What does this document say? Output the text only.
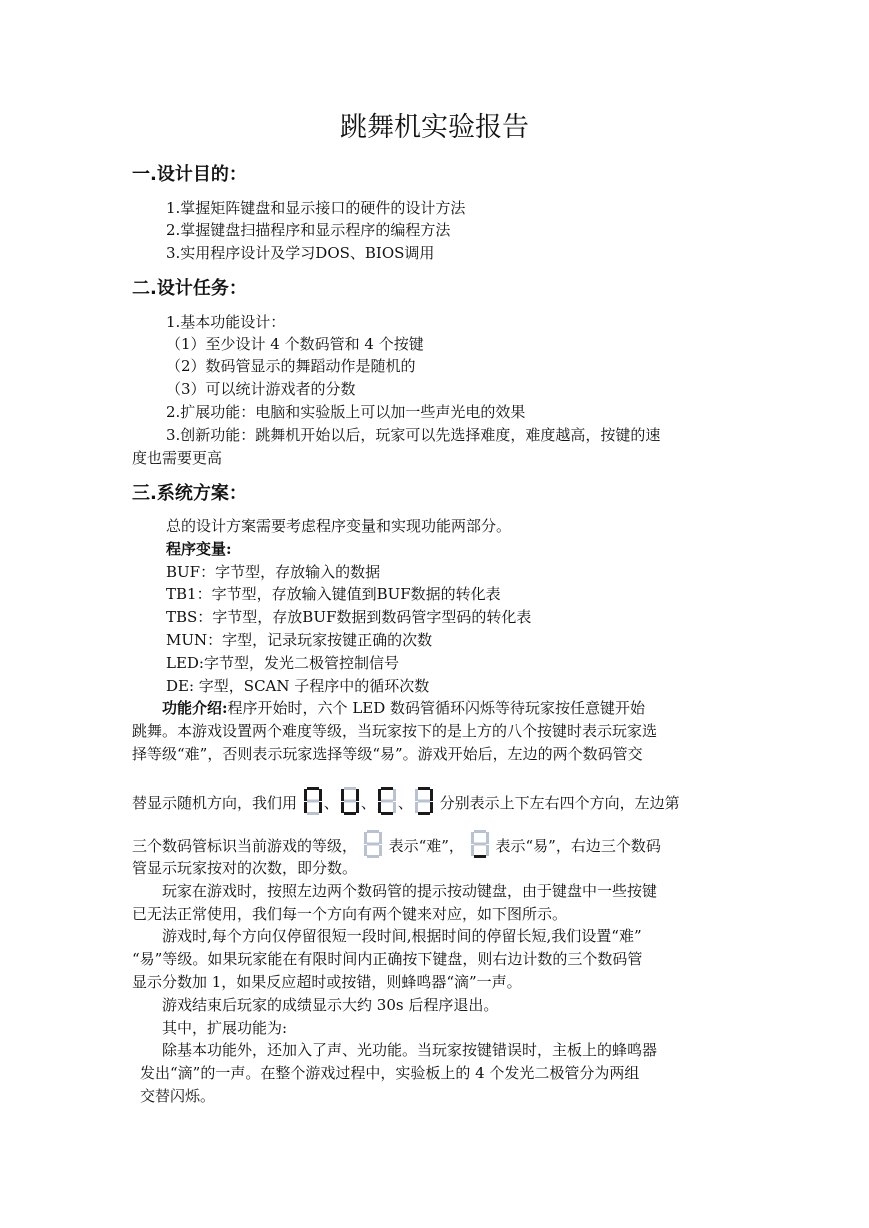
跳舞机实验报告
一.设计目的：
1.掌握矩阵键盘和显示接口的硬件的设计方法
2.掌握键盘扫描程序和显示程序的编程方法
3.实用程序设计及学习DOS、BIOS调用
二.设计任务：
1.基本功能设计：
（1）至少设计 4 个数码管和 4 个按键
（2）数码管显示的舞蹈动作是随机的
（3）可以统计游戏者的分数
2.扩展功能：电脑和实验版上可以加一些声光电的效果
3.创新功能：跳舞机开始以后，玩家可以先选择难度，难度越高，按键的速
度也需要更高
三.系统方案：
总的设计方案需要考虑程序变量和实现功能两部分。
程序变量:
BUF：字节型，存放输入的数据
TB1：字节型，存放输入键值到BUF数据的转化表
TBS：字节型，存放BUF数据到数码管字型码的转化表
MUN：字型，记录玩家按键正确的次数
LED:字节型，发光二极管控制信号
DE: 字型，SCAN 子程序中的循环次数
功能介绍:程序开始时，六个 LED 数码管循环闪烁等待玩家按任意键开始
跳舞。本游戏设置两个难度等级，当玩家按下的是上方的八个按键时表示玩家选
择等级“难”，否则表示玩家选择等级“易”。游戏开始后，左边的两个数码管交
替显示随机方向，我们用 、 、 、 分别表示上下左右四个方向，左边第
三个数码管标识当前游戏的等级， 表示“难”， 表示“易”，右边三个数码
管显示玩家按对的次数，即分数。
玩家在游戏时，按照左边两个数码管的提示按动键盘，由于键盘中一些按键
已无法正常使用，我们每一个方向有两个键来对应，如下图所示。
游戏时,每个方向仅停留很短一段时间,根据时间的停留长短,我们设置“难”
“易”等级。如果玩家能在有限时间内正确按下键盘，则右边计数的三个数码管
显示分数加 1，如果反应超时或按错，则蜂鸣器“滴”一声。
游戏结束后玩家的成绩显示大约 30s 后程序退出。
其中，扩展功能为:
除基本功能外，还加入了声、光功能。当玩家按键错误时，主板上的蜂鸣器
发出“滴”的一声。在整个游戏过程中，实验板上的 4 个发光二极管分为两组
交替闪烁。
